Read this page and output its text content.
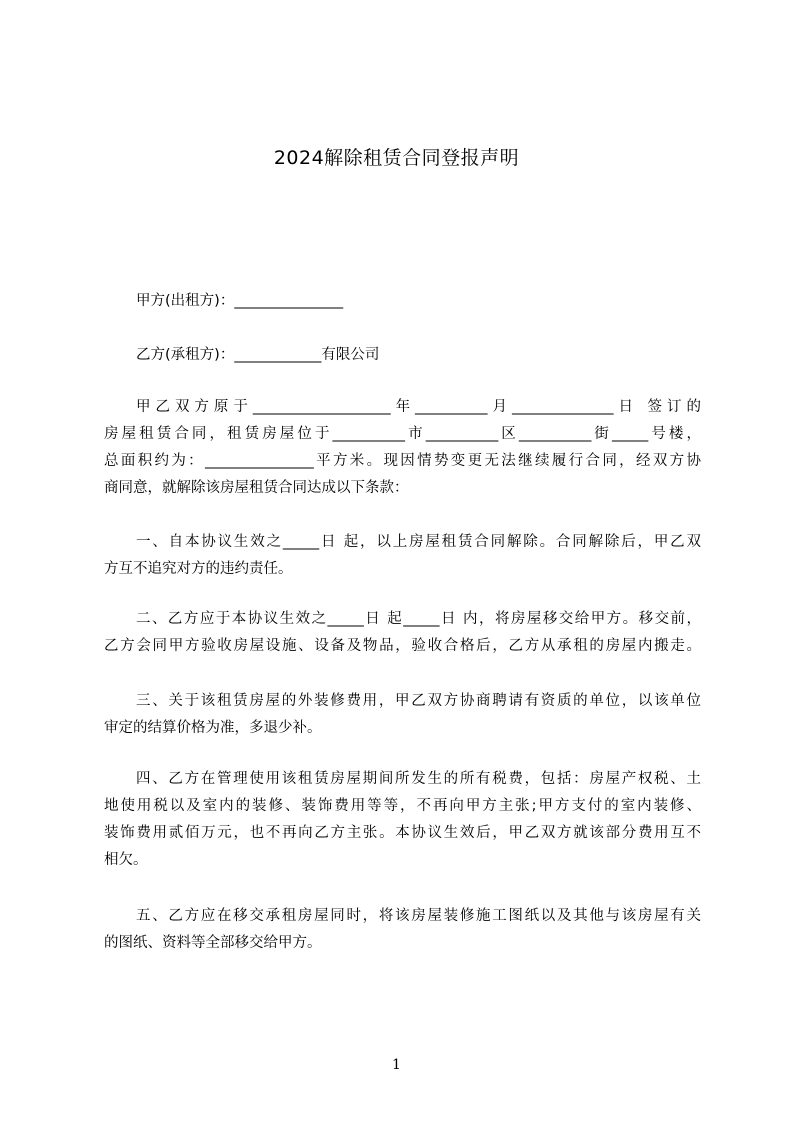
2024解除租赁合同登报声明
甲方(出租方)：_______________
乙方(承租方)：____________有限公司
甲乙双方原于___________________年__________月______________日 签订的
房屋租赁合同，租赁房屋位于__________市__________区__________街_____号楼，
总面积约为：_______________平方米。现因情势变更无法继续履行合同，经双方协
商同意，就解除该房屋租赁合同达成以下条款：
一、自本协议生效之_____日 起，以上房屋租赁合同解除。合同解除后，甲乙双
方互不追究对方的违约责任。
二、乙方应于本协议生效之_____日 起_____日 内，将房屋移交给甲方。移交前，
乙方会同甲方验收房屋设施、设备及物品，验收合格后，乙方从承租的房屋内搬走。
三、关于该租赁房屋的外装修费用，甲乙双方协商聘请有资质的单位，以该单位
审定的结算价格为准，多退少补。
四、乙方在管理使用该租赁房屋期间所发生的所有税费，包括：房屋产权税、土
地使用税以及室内的装修、装饰费用等等，不再向甲方主张;甲方支付的室内装修、
装饰费用贰佰万元，也不再向乙方主张。本协议生效后，甲乙双方就该部分费用互不
相欠。
五、乙方应在移交承租房屋同时，将该房屋装修施工图纸以及其他与该房屋有关
的图纸、资料等全部移交给甲方。
1
